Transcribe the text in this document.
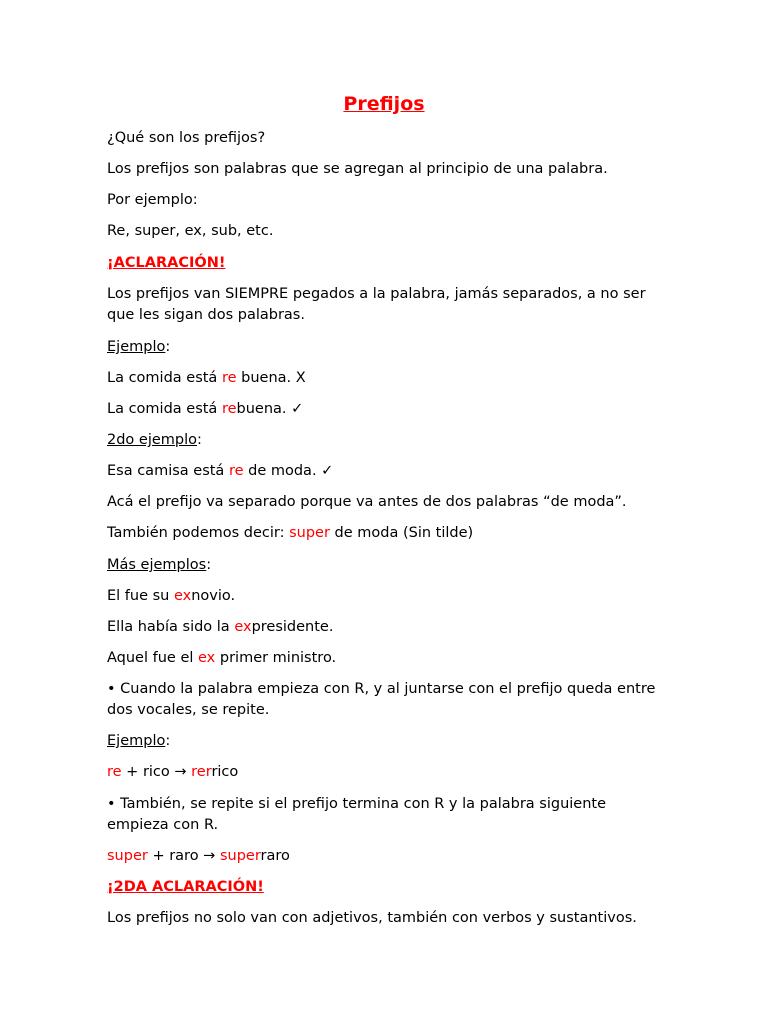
Prefijos
¿Qué son los prefijos?
Los prefijos son palabras que se agregan al principio de una palabra.
Por ejemplo:
Re, super, ex, sub, etc.
¡ACLARACIÓN!
Los prefijos van SIEMPRE pegados a la palabra, jamás separados, a no ser que les sigan dos palabras.
Ejemplo:
La comida está re buena. X
La comida está rebuena. ✓
2do ejemplo:
Esa camisa está re de moda. ✓
Acá el prefijo va separado porque va antes de dos palabras “de moda”.
También podemos decir: super de moda (Sin tilde)
Más ejemplos:
El fue su exnovio.
Ella había sido la expresidente.
Aquel fue el ex primer ministro.
• Cuando la palabra empieza con R, y al juntarse con el prefijo queda entre dos vocales, se repite.
Ejemplo:
re + rico → rerrico
• También, se repite si el prefijo termina con R y la palabra siguiente empieza con R.
super + raro → superraro
¡2DA ACLARACIÓN!
Los prefijos no solo van con adjetivos, también con verbos y sustantivos.
